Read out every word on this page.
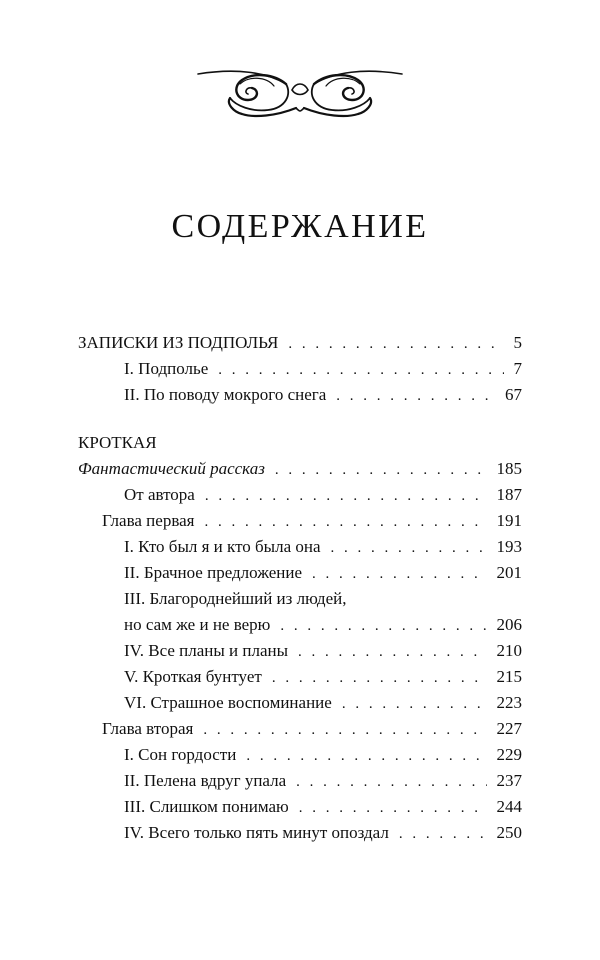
СОДЕРЖАНИЕ
ЗАПИСКИ ИЗ ПОДПОЛЬЯ . . .	5
I. Подполье . . .	7
II. По поводу мокрого снега . . .	67
КРОТКАЯ
Фантастический рассказ . . .	185
От автора . . .	187
Глава первая . . .	191
I. Кто был я и кто была она . . .	193
II. Брачное предложение . . .	201
III. Благороднейший из людей,
но сам же и не верю . . .	206
IV. Все планы и планы . . .	210
V. Кроткая бунтует . . .	215
VI. Страшное воспоминание . . .	223
Глава вторая . . .	227
I. Сон гордости . . .	229
II. Пелена вдруг упала . . .	237
III. Слишком понимаю . . .	244
IV. Всего только пять минут опоздал . . .	250
